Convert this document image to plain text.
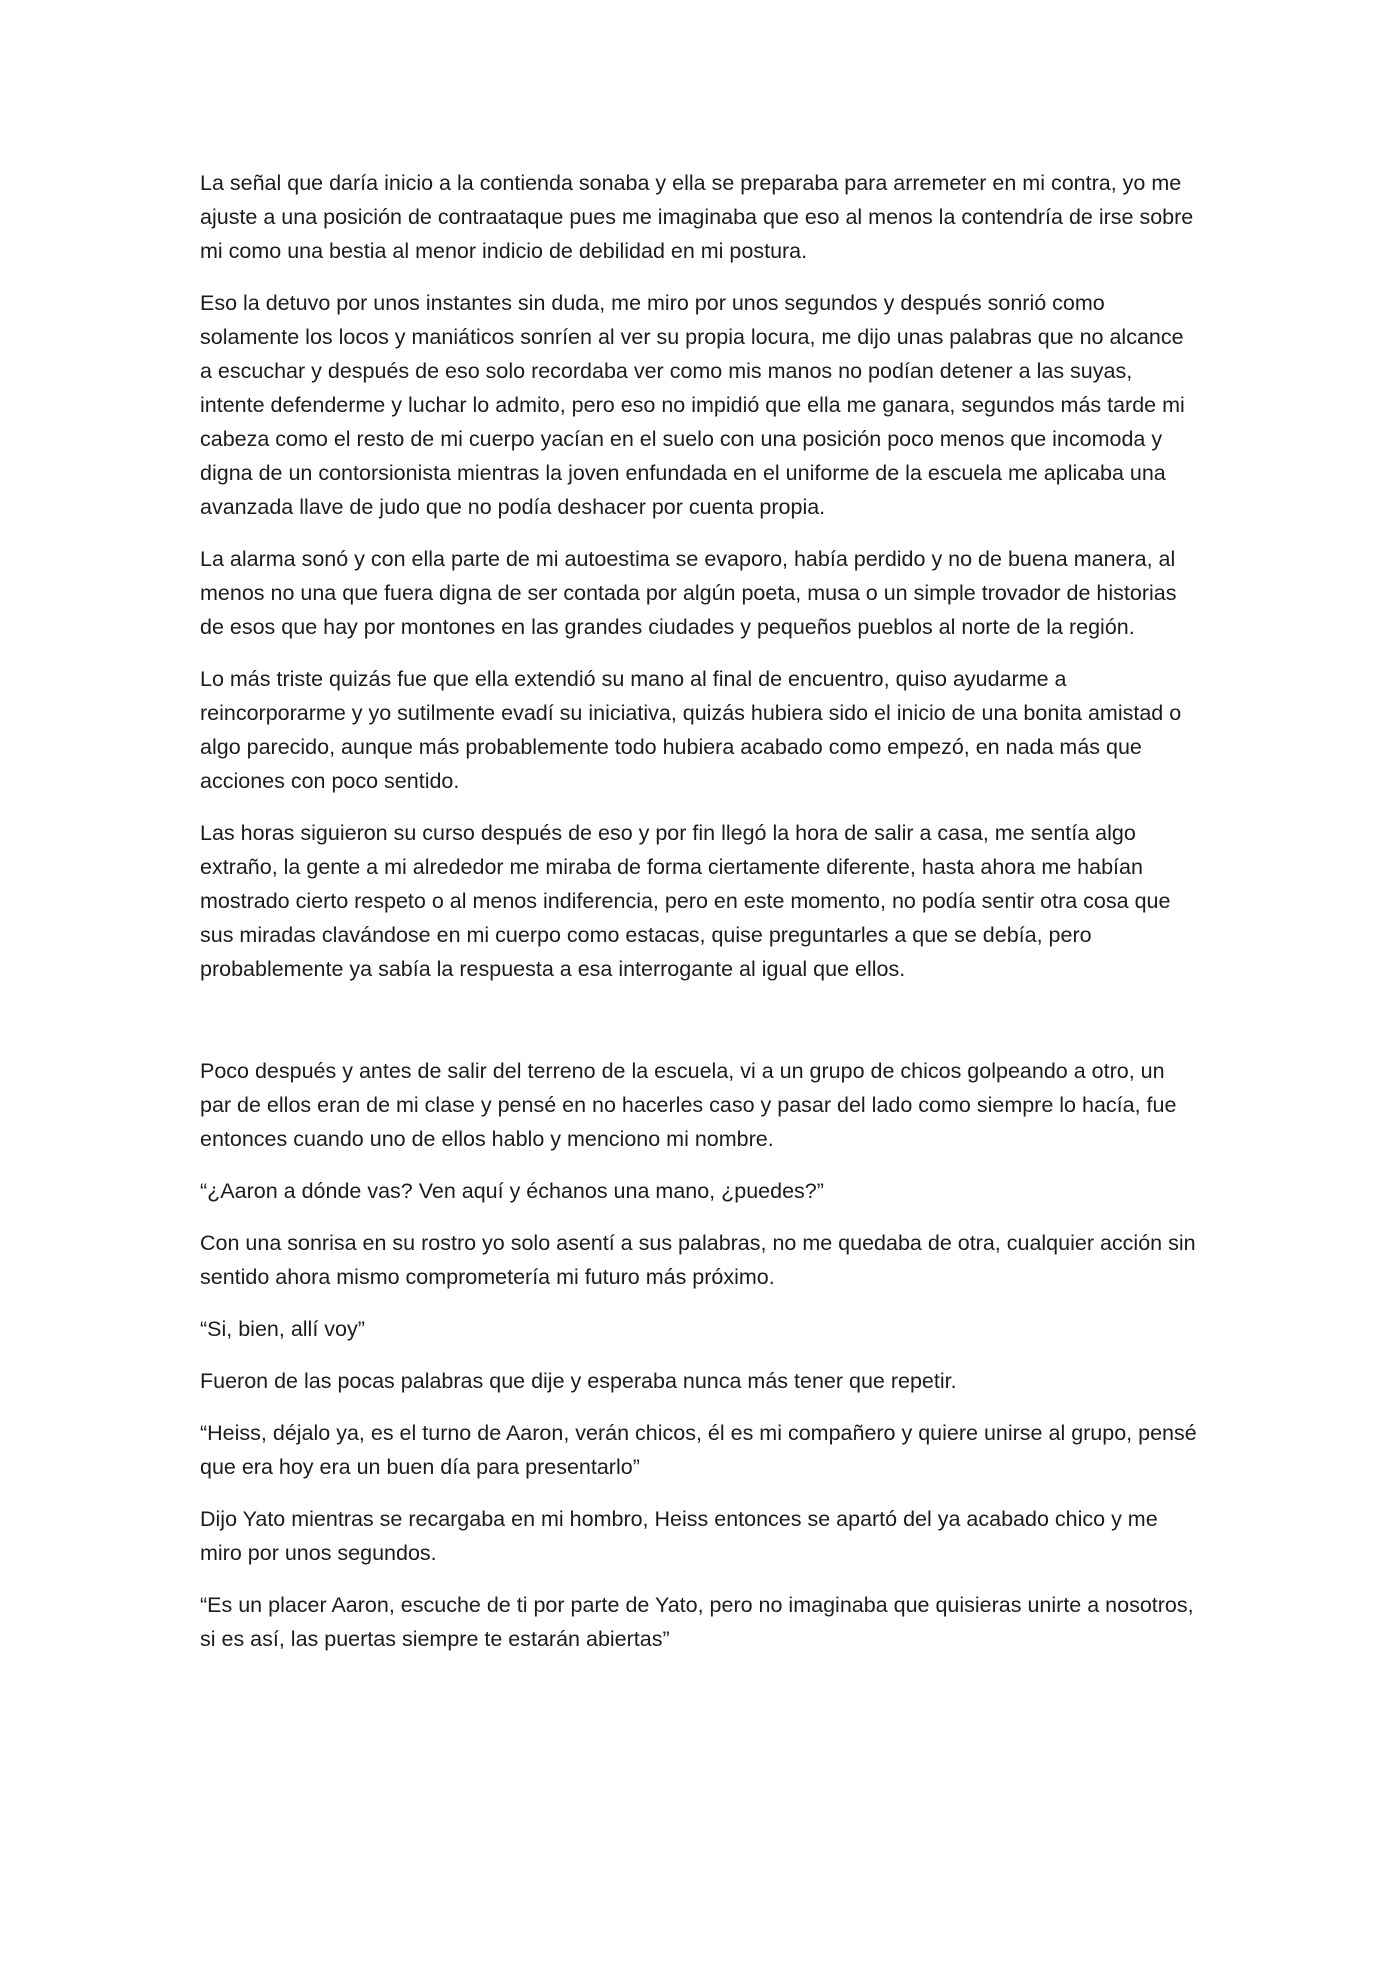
La señal que daría inicio a la contienda sonaba y ella se preparaba para arremeter en mi contra, yo me ajuste a una posición de contraataque pues me imaginaba que eso al menos la contendría de irse sobre mi como una bestia al menor indicio de debilidad en mi postura.

Eso la detuvo por unos instantes sin duda, me miro por unos segundos y después sonrió como solamente los locos y maniáticos sonríen al ver su propia locura, me dijo unas palabras que no alcance a escuchar y después de eso solo recordaba ver como mis manos no podían detener a las suyas, intente defenderme y luchar lo admito, pero eso no impidió que ella me ganara, segundos más tarde mi cabeza como el resto de mi cuerpo yacían en el suelo con una posición poco menos que incomoda y digna de un contorsionista mientras la joven enfundada en el uniforme de la escuela me aplicaba una avanzada llave de judo que no podía deshacer por cuenta propia.

La alarma sonó y con ella parte de mi autoestima se evaporo, había perdido y no de buena manera, al menos no una que fuera digna de ser contada por algún poeta, musa o un simple trovador de historias de esos que hay por montones en las grandes ciudades y pequeños pueblos al norte de la región.

Lo más triste quizás fue que ella extendió su mano al final de encuentro, quiso ayudarme a reincorporarme y yo sutilmente evadí su iniciativa, quizás hubiera sido el inicio de una bonita amistad o algo parecido, aunque más probablemente todo hubiera acabado como empezó, en nada más que acciones con poco sentido.

Las horas siguieron su curso después de eso y por fin llegó la hora de salir a casa, me sentía algo extraño, la gente a mi alrededor me miraba de forma ciertamente diferente, hasta ahora me habían mostrado cierto respeto o al menos indiferencia, pero en este momento, no podía sentir otra cosa que sus miradas clavándose en mi cuerpo como estacas, quise preguntarles a que se debía, pero probablemente ya sabía la respuesta a esa interrogante al igual que ellos.

Poco después y antes de salir del terreno de la escuela, vi a un grupo de chicos golpeando a otro, un par de ellos eran de mi clase y pensé en no hacerles caso y pasar del lado como siempre lo hacía, fue entonces cuando uno de ellos hablo y menciono mi nombre.

“¿Aaron a dónde vas? Ven aquí y échanos una mano, ¿puedes?”

Con una sonrisa en su rostro yo solo asentí a sus palabras, no me quedaba de otra, cualquier acción sin sentido ahora mismo comprometería mi futuro más próximo.

“Si, bien, allí voy”

Fueron de las pocas palabras que dije y esperaba nunca más tener que repetir.

“Heiss, déjalo ya, es el turno de Aaron, verán chicos, él es mi compañero y quiere unirse al grupo, pensé que era hoy era un buen día para presentarlo”

Dijo Yato mientras se recargaba en mi hombro, Heiss entonces se apartó del ya acabado chico y me miro por unos segundos.

“Es un placer Aaron, escuche de ti por parte de Yato, pero no imaginaba que quisieras unirte a nosotros, si es así, las puertas siempre te estarán abiertas”
